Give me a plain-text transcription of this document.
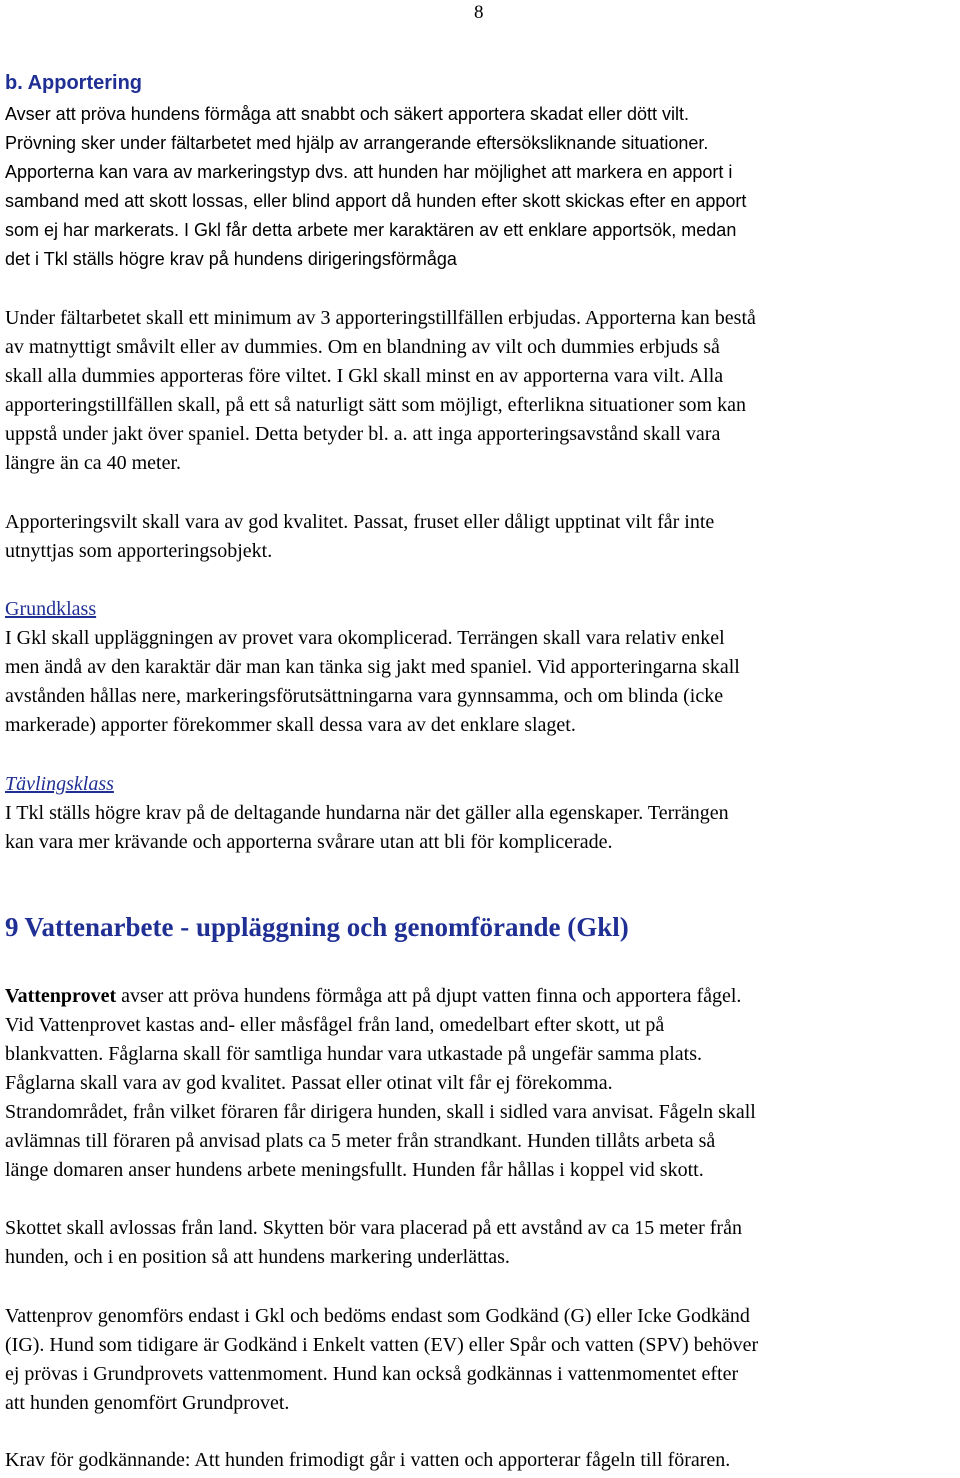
8
b. Apportering
Avser att pröva hundens förmåga att snabbt och säkert apportera skadat eller dött vilt.
Prövning sker under fältarbetet med hjälp av arrangerande eftersöksliknande situationer.
Apporterna kan vara av markeringstyp dvs. att hunden har möjlighet att markera en apport i
samband med att skott lossas, eller blind apport då hunden efter skott skickas efter en apport
som ej har markerats. I Gkl får detta arbete mer karaktären av ett enklare apportsök, medan
det i Tkl ställs högre krav på hundens dirigeringsförmåga
Under fältarbetet skall ett minimum av 3 apporteringstillfällen erbjudas. Apporterna kan bestå
av matnyttigt småvilt eller av dummies. Om en blandning av vilt och dummies erbjuds så
skall alla dummies apporteras före viltet. I Gkl skall minst en av apporterna vara vilt. Alla
apporteringstillfällen skall, på ett så naturligt sätt som möjligt, efterlikna situationer som kan
uppstå under jakt över spaniel. Detta betyder bl. a. att inga apporteringsavstånd skall vara
längre än ca 40 meter.
Apporteringsvilt skall vara av god kvalitet. Passat, fruset eller dåligt upptinat vilt får inte
utnyttjas som apporteringsobjekt.
Grundklass
I Gkl skall uppläggningen av provet vara okomplicerad. Terrängen skall vara relativ enkel
men ändå av den karaktär där man kan tänka sig jakt med spaniel. Vid apporteringarna skall
avstånden hållas nere, markeringsförutsättningarna vara gynnsamma, och om blinda (icke
markerade) apporter förekommer skall dessa vara av det enklare slaget.
Tävlingsklass
I Tkl ställs högre krav på de deltagande hundarna när det gäller alla egenskaper. Terrängen
kan vara mer krävande och apporterna svårare utan att bli för komplicerade.
9 Vattenarbete - uppläggning och genomförande (Gkl)
Vattenprovet avser att pröva hundens förmåga att på djupt vatten finna och apportera fågel.
Vid Vattenprovet kastas and- eller måsfågel från land, omedelbart efter skott, ut på
blankvatten. Fåglarna skall för samtliga hundar vara utkastade på ungefär samma plats.
Fåglarna skall vara av god kvalitet. Passat eller otinat vilt får ej förekomma.
Strandområdet, från vilket föraren får dirigera hunden, skall i sidled vara anvisat. Fågeln skall
avlämnas till föraren på anvisad plats ca 5 meter från strandkant. Hunden tillåts arbeta så
länge domaren anser hundens arbete meningsfullt. Hunden får hållas i koppel vid skott.
Skottet skall avlossas från land. Skytten bör vara placerad på ett avstånd av ca 15 meter från
hunden, och i en position så att hundens markering underlättas.
Vattenprov genomförs endast i Gkl och bedöms endast som Godkänd (G) eller Icke Godkänd
(IG). Hund som tidigare är Godkänd i Enkelt vatten (EV) eller Spår och vatten (SPV) behöver
ej prövas i Grundprovets vattenmoment. Hund kan också godkännas i vattenmomentet efter
att hunden genomfört Grundprovet.
Krav för godkännande: Att hunden frimodigt går i vatten och apporterar fågeln till föraren.
